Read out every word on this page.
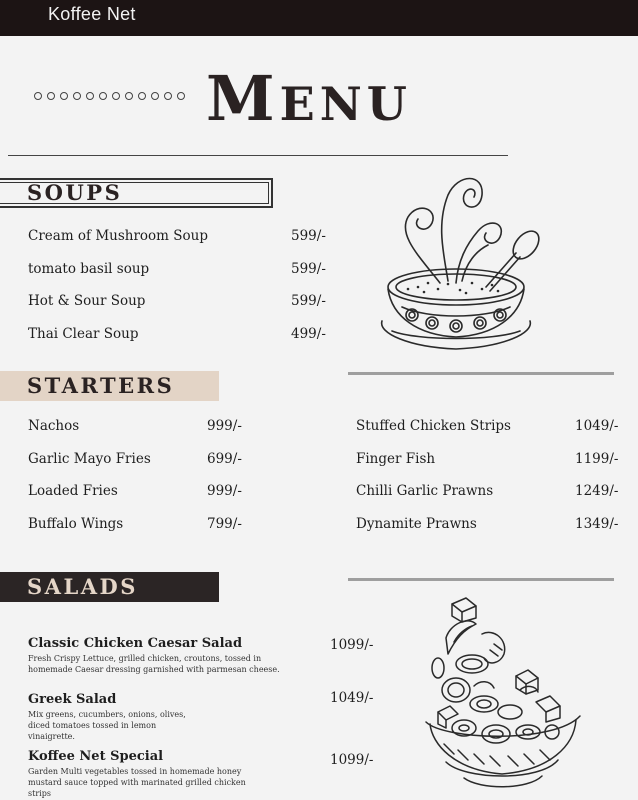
Koffee Net
MENU
SOUPS
Cream of Mushroom Soup	599/-
tomato basil soup	599/-
Hot & Sour Soup	599/-
Thai Clear Soup	499/-
STARTERS
Nachos	999/-
Garlic Mayo Fries	699/-
Loaded Fries	999/-
Buffalo Wings	799/-
Stuffed Chicken Strips	1049/-
Finger Fish	1199/-
Chilli Garlic Prawns	1249/-
Dynamite Prawns	1349/-
SALADS
Classic Chicken Caesar Salad	1099/-
Fresh Crispy Lettuce, grilled chicken, croutons, tossed in homemade Caesar dressing garnished with parmesan cheese.
Greek Salad	1049/-
Mix greens, cucumbers, onions, olives, diced tomatoes tossed in lemon vinaigrette.
Koffee Net Special	1099/-
Garden Multi vegetables tossed in homemade honey mustard sauce topped with marinated grilled chicken strips
